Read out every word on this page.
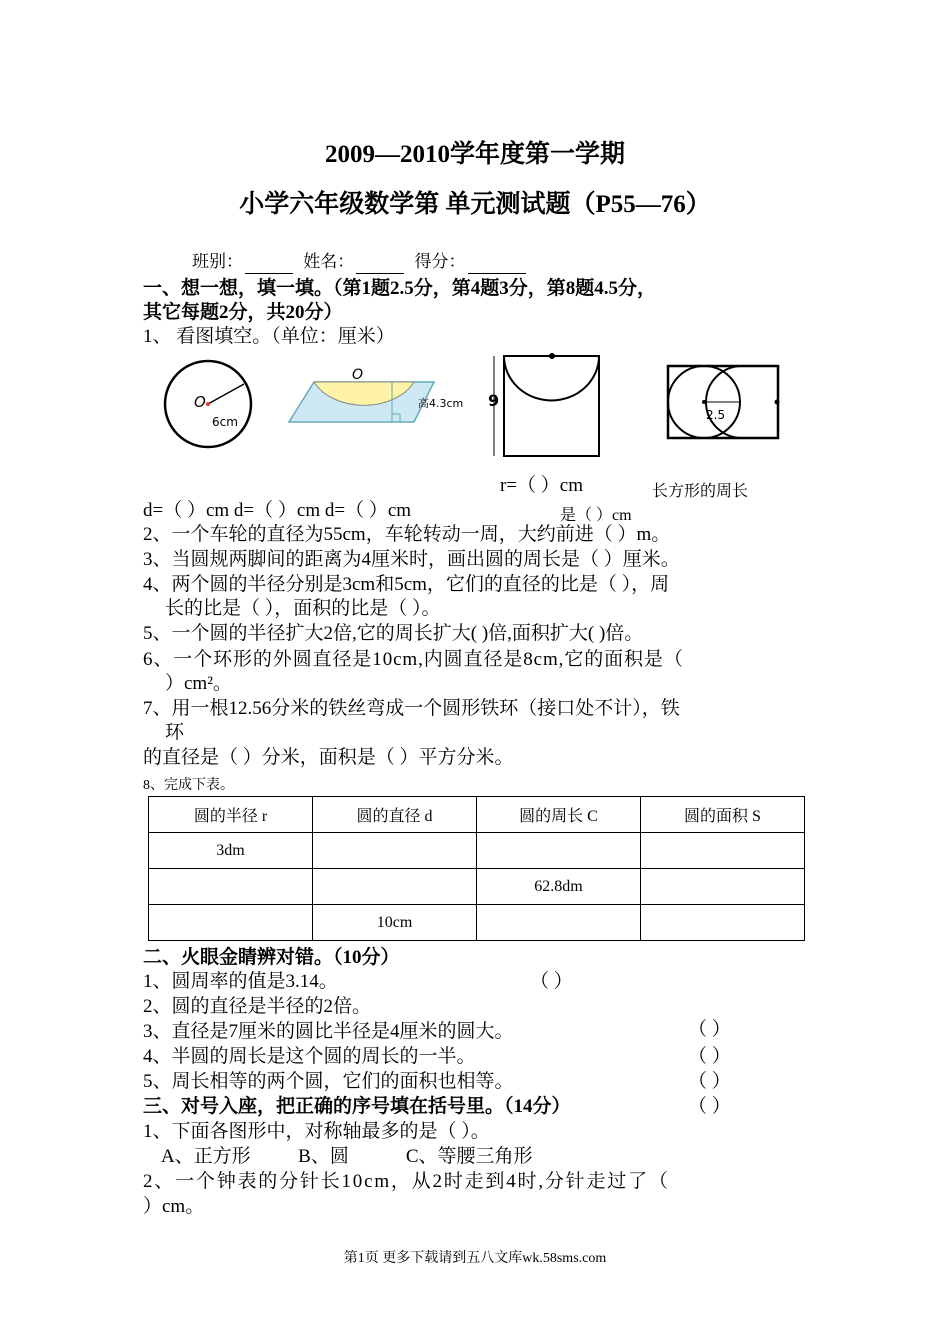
2009—2010学年度第一学期
小学六年级数学第 单元测试题（P55—76）
班别：	姓名：	得分：
一、想一想，填一填。（第1题2.5分，第4题3分，第8题4.5分，
其它每题2分，共20分）
1、 看图填空。（单位：厘米）
O
6cm
O
高4.3cm 9
2.5
r=（ ）cm	长方形的周长
d=（ ）cm d=（ ）cm d=（ ）cm	是（ ）cm
2、一个车轮的直径为55cm，车轮转动一周，大约前进（ ）m。
3、当圆规两脚间的距离为4厘米时，画出圆的周长是（ ）厘米。
4、两个圆的半径分别是3cm和5cm，它们的直径的比是（ ），周
长的比是（ ），面积的比是（ ）。
5、一个圆的半径扩大2倍,它的周长扩大( )倍,面积扩大( )倍。
6、一个环形的外圆直径是10cm,内圆直径是8cm,它的面积是（
）cm²。
7、用一根12.56分米的铁丝弯成一个圆形铁环（接口处不计），铁
环
的直径是（ ）分米，面积是（ ）平方分米。
8、完成下表。
圆的半径 r	圆的直径 d	圆的周长 C	圆的面积 S
3dm			
		62.8dm	
	10cm		
二、火眼金睛辨对错。（10分）
1、圆周率的值是3.14。	（ ）
2、圆的直径是半径的2倍。
3、直径是7厘米的圆比半径是4厘米的圆大。	（ ）
4、半圆的周长是这个圆的周长的一半。	（ ）
5、周长相等的两个圆，它们的面积也相等。	（ ）
三、对号入座，把正确的序号填在括号里。（14分）	（ ）
1、下面各图形中，对称轴最多的是（ ）。
A、正方形          B、圆            C、等腰三角形
2、一个钟表的分针长10cm，从2时走到4时,分针走过了（
）cm。
第1页 更多下载请到五八文库wk.58sms.com
